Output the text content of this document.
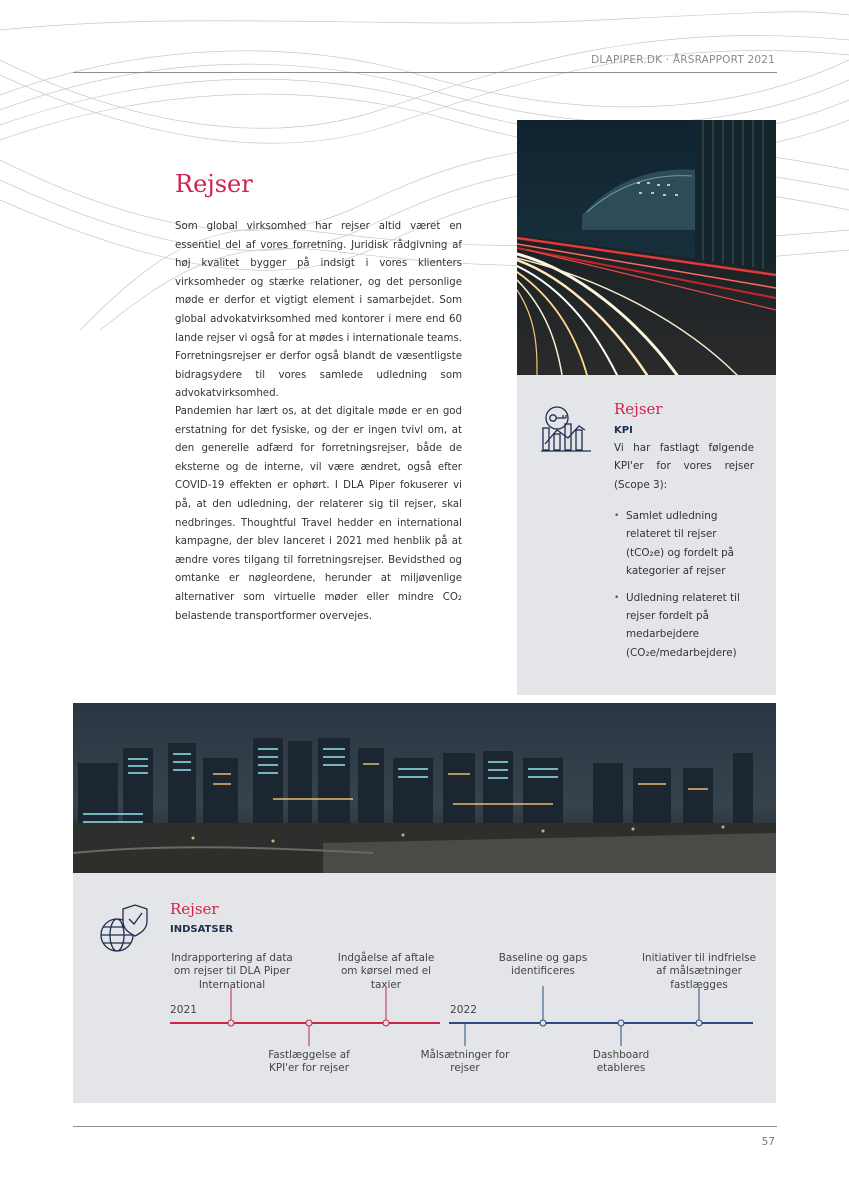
DLAPIPER.DK · ÅRSRAPPORT 2021
Rejser

Som global virksomhed har rejser altid været en essentiel del af vores forretning. Juridisk rådgivning af høj kvalitet bygger på indsigt i vores klienters virksomheder og stærke relationer, og det personlige møde er derfor et vigtigt element i samarbejdet. Som global advokatvirksomhed med kontorer i mere end 60 lande rejser vi også for at mødes i internationale teams. Forretningsrejser er derfor også blandt de væsentligste bidragsydere til vores samlede udledning som advokatvirksomhed.

Pandemien har lært os, at det digitale møde er en god erstatning for det fysiske, og der er ingen tvivl om, at den generelle adfærd for forretningsrejser, både de eksterne og de interne, vil være ændret, også efter COVID-19 effekten er ophørt. I DLA Piper fokuserer vi på, at den udledning, der relaterer sig til rejser, skal nedbringes. Thoughtful Travel hedder en international kampagne, der blev lanceret i 2021 med henblik på at ændre vores tilgang til forretningsrejser. Bevidsthed og omtanke er nøgleordene, herunder at miljøvenlige alternativer som virtuelle møder eller mindre CO₂ belastende transportformer overvejes.

Rejser
KPI

Vi har fastlagt følgende KPI'er for vores rejser (Scope 3):

• Samlet udledning relateret til rejser (tCO₂e) og fordelt på kategorier af rejser
• Udledning relateret til rejser fordelt på medarbejdere (CO₂e/medarbejdere)
Rejser
INDSATSER
2021	2022
Indrapportering af data om rejser til DLA Piper International
Indgåelse af aftale om kørsel med el taxier
Baseline og gaps identificeres
Initiativer til indfrielse af målsætninger fastlægges
Fastlæggelse af KPI'er for rejser
Målsætninger for rejser
Dashboard etableres
57
